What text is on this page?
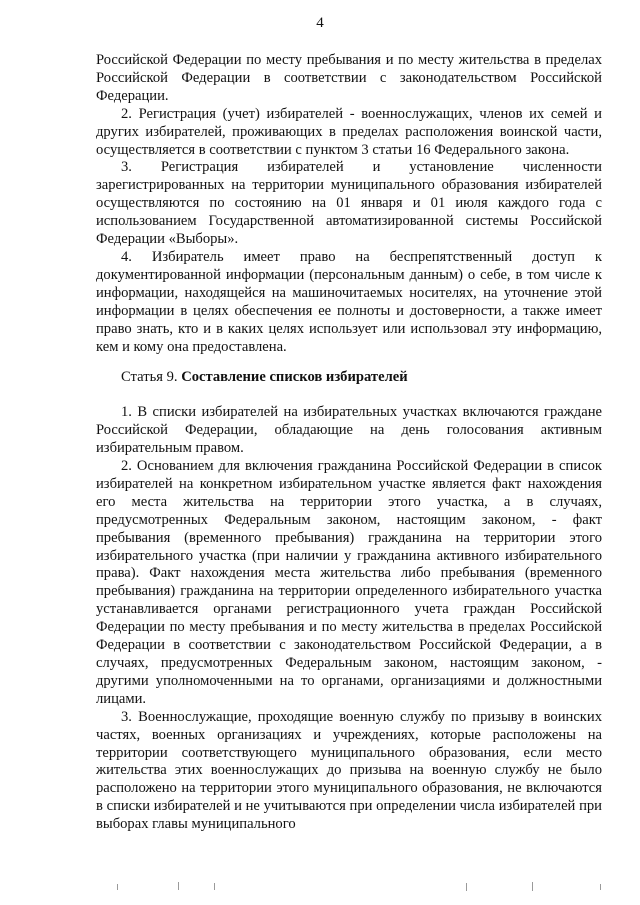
4

Российской Федерации по месту пребывания и по месту жительства в пределах Российской Федерации в соответствии с законодательством Российской Федерации.

2. Регистрация (учет) избирателей - военнослужащих, членов их семей и других избирателей, проживающих в пределах расположения воинской части, осуществляется в соответствии с пунктом 3 статьи 16 Федерального закона.

3. Регистрация избирателей и установление численности зарегистрированных на территории муниципального образования избирателей осуществляются по состоянию на 01 января и 01 июля каждого года с использованием Государственной автоматизированной системы Российской Федерации «Выборы».

4. Избиратель имеет право на беспрепятственный доступ к документированной информации (персональным данным) о себе, в том числе к информации, находящейся на машиночитаемых носителях, на уточнение этой информации в целях обеспечения ее полноты и достоверности, а также имеет право знать, кто и в каких целях использует или использовал эту информацию, кем и кому она предоставлена.

Статья 9. Составление списков избирателей

1. В списки избирателей на избирательных участках включаются граждане Российской Федерации, обладающие на день голосования активным избирательным правом.

2. Основанием для включения гражданина Российской Федерации в список избирателей на конкретном избирательном участке является факт нахождения его места жительства на территории этого участка, а в случаях, предусмотренных Федеральным законом, настоящим законом, - факт пребывания (временного пребывания) гражданина на территории этого избирательного участка (при наличии у гражданина активного избирательного права). Факт нахождения места жительства либо пребывания (временного пребывания) гражданина на территории определенного избирательного участка устанавливается органами регистрационного учета граждан Российской Федерации по месту пребывания и по месту жительства в пределах Российской Федерации в соответствии с законодательством Российской Федерации, а в случаях, предусмотренных Федеральным законом, настоящим законом, - другими уполномоченными на то органами, организациями и должностными лицами.

3. Военнослужащие, проходящие военную службу по призыву в воинских частях, военных организациях и учреждениях, которые расположены на территории соответствующего муниципального образования, если место жительства этих военнослужащих до призыва на военную службу не было расположено на территории этого муниципального образования, не включаются в списки избирателей и не учитываются при определении числа избирателей при выборах главы муниципального
